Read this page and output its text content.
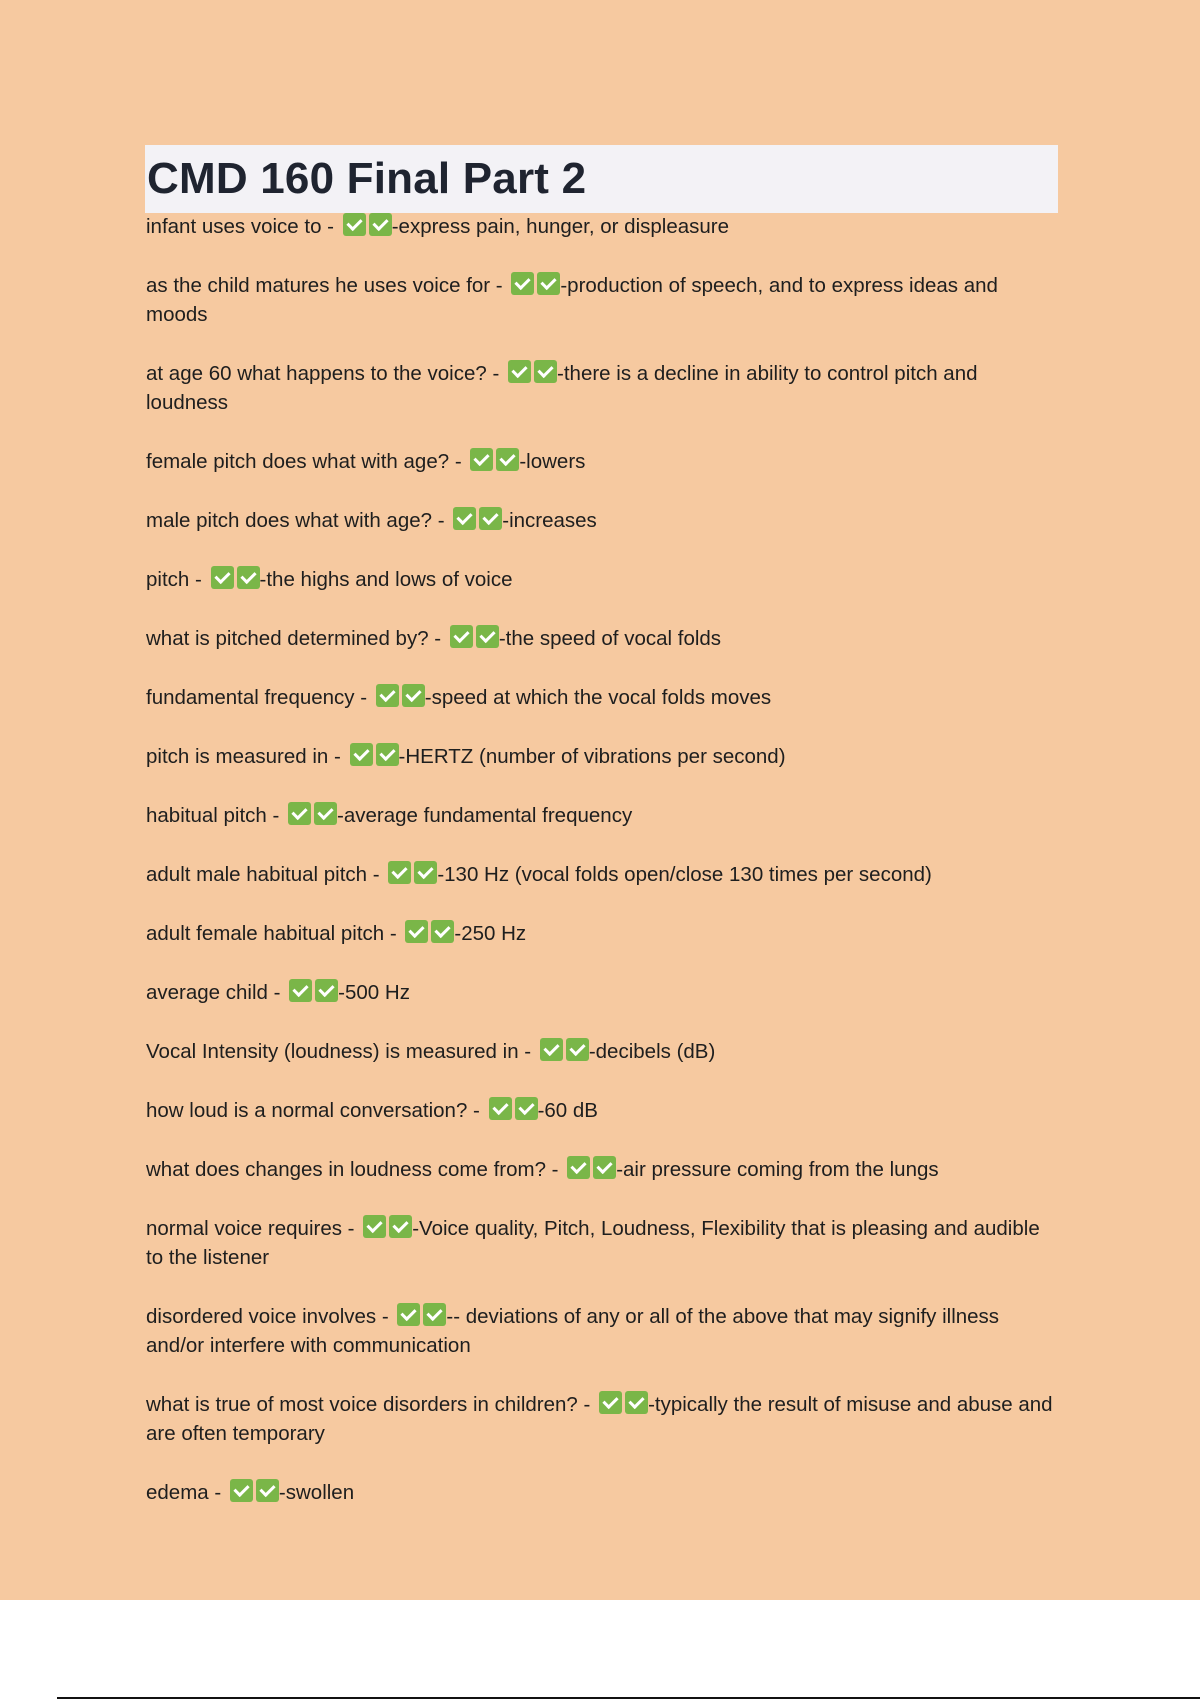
CMD 160 Final Part 2
infant uses voice to -	-express pain, hunger, or displeasure
as the child matures he uses voice for -	-production of speech, and to express ideas and moods
at age 60 what happens to the voice? -	-there is a decline in ability to control pitch and loudness
female pitch does what with age? -	-lowers
male pitch does what with age? -	-increases
pitch -	-the highs and lows of voice
what is pitched determined by? -	-the speed of vocal folds
fundamental frequency -	-speed at which the vocal folds moves
pitch is measured in -	-HERTZ (number of vibrations per second)
habitual pitch -	-average fundamental frequency
adult male habitual pitch -	-130 Hz (vocal folds open/close 130 times per second)
adult female habitual pitch -	-250 Hz
average child -	-500 Hz
Vocal Intensity (loudness) is measured in -	-decibels (dB)
how loud is a normal conversation? -	-60 dB
what does changes in loudness come from? -	-air pressure coming from the lungs
normal voice requires -	-Voice quality, Pitch, Loudness, Flexibility that is pleasing and audible to the listener
disordered voice involves -	-- deviations of any or all of the above that may signify illness and/or interfere with communication
what is true of most voice disorders in children? -	-typically the result of misuse and abuse and are often temporary
edema -	-swollen
